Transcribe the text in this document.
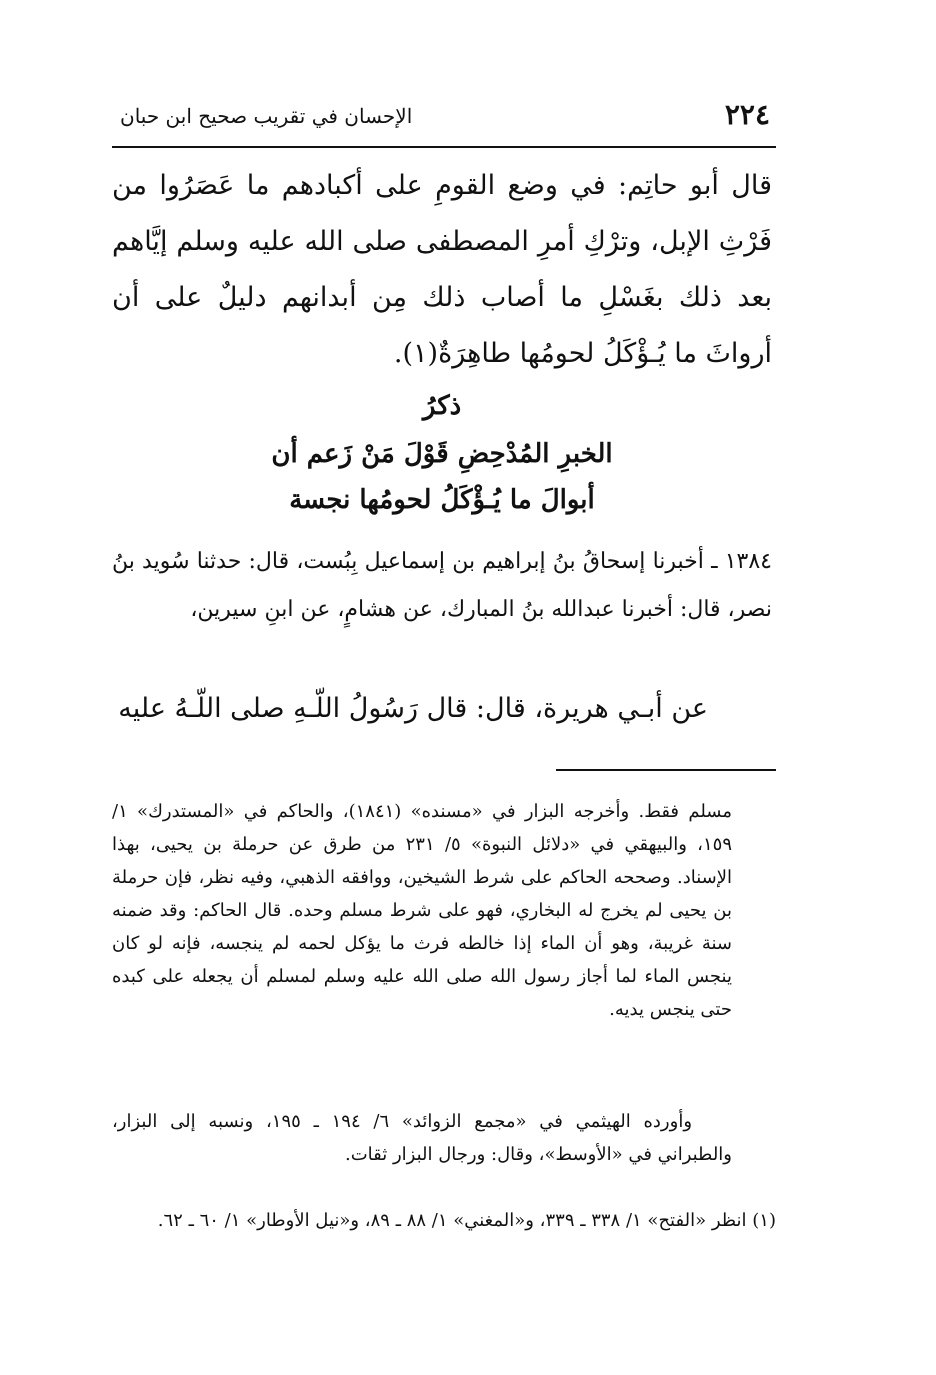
٢٢٤
الإحسان في تقريب صحيح ابن حبان

قال أبو حاتِم: في وضع القومِ على أكبادهم ما عَصَرُوا من فَرْثِ الإبل، وترْكِ أمرِ المصطفى صلى الله عليه وسلم إيَّاهم بعد ذلك بغَسْلِ ما أصاب ذلك مِن أبدانهم دليلٌ على أن أرواثَ ما يُـؤْكَلُ لحومُها طاهِرَةٌ(١).

ذكرُ

الخبرِ المُدْحِضِ قَوْلَ مَنْ زَعم أن

أبوالَ ما يُـؤْكَلُ لحومُها نجسة

١٣٨٤ ـ أخبرنا إسحاقُ بنُ إبراهيم بن إسماعيل بِبُست، قال: حدثنا سُويد بنُ نصر، قال: أخبرنا عبدالله بنُ المبارك، عن هشامٍ، عن ابنِ سيرين،

عن أبـي هريرة، قال: قال رَسُولُ اللّـهِ صلى اللّـهُ عليه

مسلم فقط. وأخرجه البزار في «مسنده» (١٨٤١)، والحاكم في «المستدرك» ١/ ١٥٩، والبيهقي في «دلائل النبوة» ٥/ ٢٣١ من طرق عن حرملة بن يحيى، بهذا الإسناد. وصححه الحاكم على شرط الشيخين، ووافقه الذهبي، وفيه نظر، فإن حرملة بن يحيى لم يخرج له البخاري، فهو على شرط مسلم وحده. قال الحاكم: وقد ضمنه سنة غريبة، وهو أن الماء إذا خالطه فرث ما يؤكل لحمه لم ينجسه، فإنه لو كان ينجس الماء لما أجاز رسول الله صلى الله عليه وسلم لمسلم أن يجعله على كبده حتى ينجس يديه.

وأورده الهيثمي في «مجمع الزوائد» ٦/ ١٩٤ ـ ١٩٥، ونسبه إلى البزار، والطبراني في «الأوسط»، وقال: ورجال البزار ثقات.

(١) انظر «الفتح» ١/ ٣٣٨ ـ ٣٣٩، و«المغني» ١/ ٨٨ ـ ٨٩، و«نيل الأوطار» ١/ ٦٠ ـ ٦٢.
